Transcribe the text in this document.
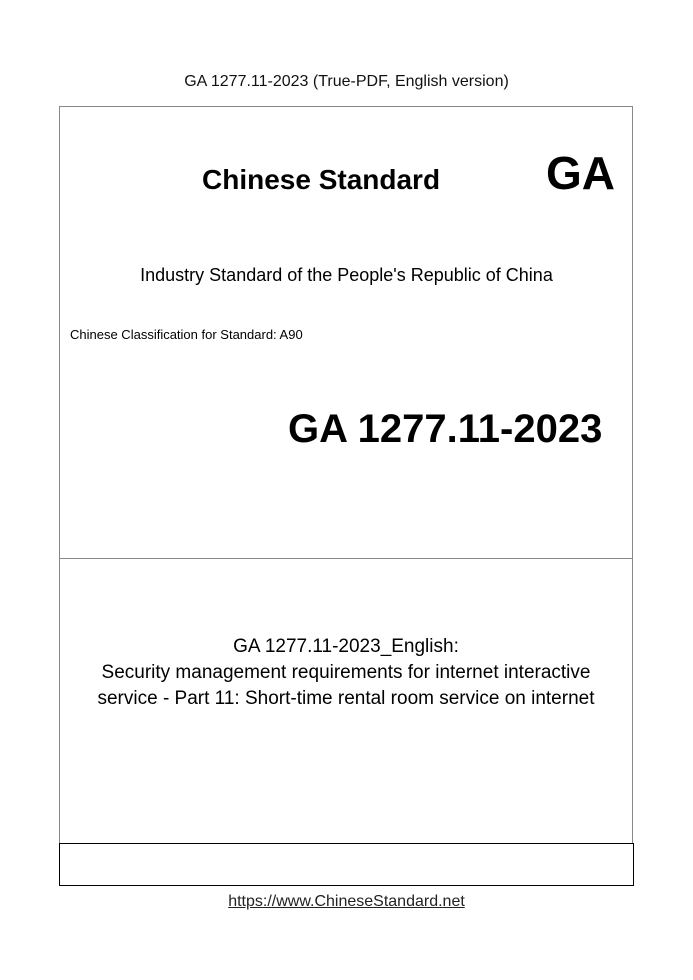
GA 1277.11-2023 (True-PDF, English version)
Chinese Standard GA
Industry Standard of the People's Republic of China
Chinese Classification for Standard: A90
GA 1277.11-2023
GA 1277.11-2023_English:
Security management requirements for internet interactive
service - Part 11: Short-time rental room service on internet
https://www.ChineseStandard.net
